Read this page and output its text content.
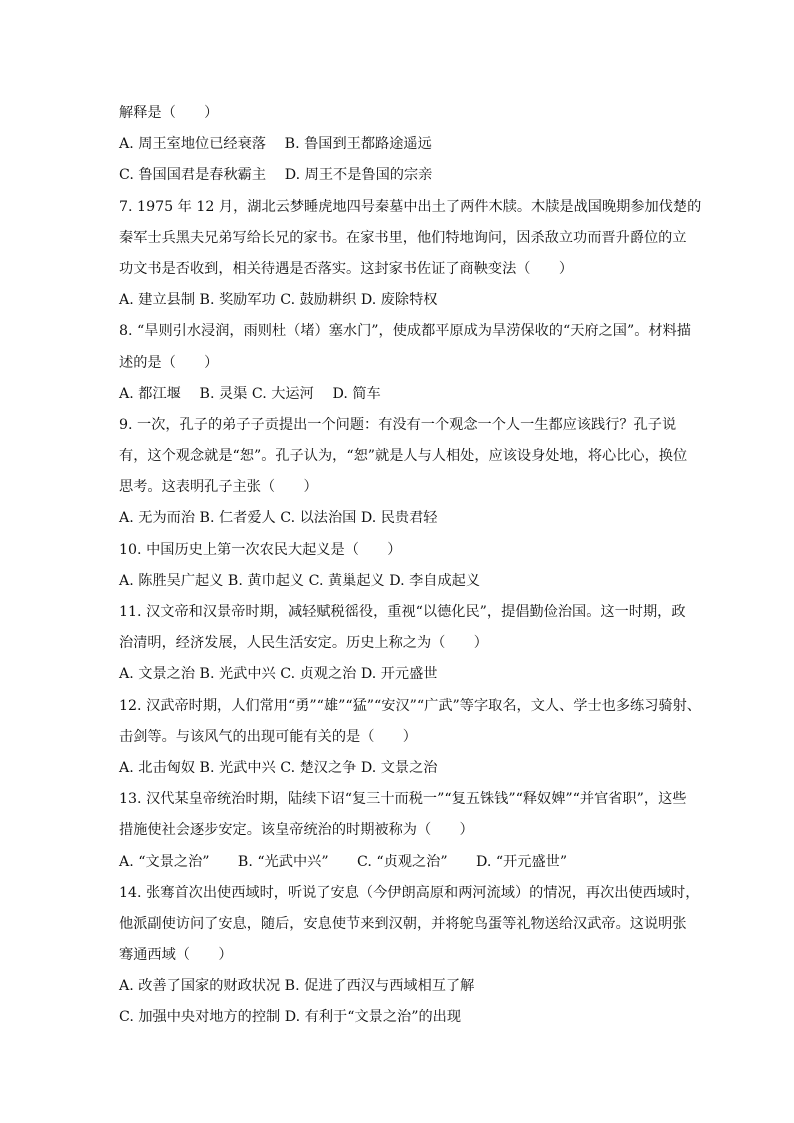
解释是（　　）
A. 周王室地位已经衰落　 B. 鲁国到王都路途遥远
C. 鲁国国君是春秋霸主　 D. 周王不是鲁国的宗亲
7. 1975 年 12 月，湖北云梦睡虎地四号秦墓中出土了两件木牍。木牍是战国晚期参加伐楚的
秦军士兵黑夫兄弟写给长兄的家书。在家书里，他们特地询问，因杀敌立功而晋升爵位的立
功文书是否收到，相关待遇是否落实。这封家书佐证了商鞅变法（　　）
A. 建立县制 B. 奖励军功 C. 鼓励耕织 D. 废除特权
8. “旱则引水浸润，雨则杜（堵）塞水门”，使成都平原成为旱涝保收的“天府之国”。材料描
述的是（　　）
A. 都江堰　 B. 灵渠 C. 大运河　 D. 简车
9. 一次，孔子的弟子子贡提出一个问题：有没有一个观念一个人一生都应该践行？孔子说
有，这个观念就是“恕”。孔子认为，“恕”就是人与人相处，应该设身处地，将心比心，换位
思考。这表明孔子主张（　　）
A. 无为而治 B. 仁者爱人 C. 以法治国 D. 民贵君轻
10. 中国历史上第一次农民大起义是（　　）
A. 陈胜吴广起义 B. 黄巾起义 C. 黄巢起义 D. 李自成起义
11. 汉文帝和汉景帝时期，减轻赋税徭役，重视“以德化民”，提倡勤俭治国。这一时期，政
治清明，经济发展，人民生活安定。历史上称之为（　　）
A. 文景之治 B. 光武中兴 C. 贞观之治 D. 开元盛世
12. 汉武帝时期，人们常用“勇”“雄”“猛”“安汉”“广武”等字取名，文人、学士也多练习骑射、
击剑等。与该风气的出现可能有关的是（　　）
A. 北击匈奴 B. 光武中兴 C. 楚汉之争 D. 文景之治
13. 汉代某皇帝统治时期，陆续下诏“复三十而税一”“复五铢钱”“释奴婢”“并官省职”，这些
措施使社会逐步安定。该皇帝统治的时期被称为（　　）
A. “文景之治”　　B. “光武中兴”　　C. “贞观之治”　　D. “开元盛世”
14. 张骞首次出使西域时，听说了安息（今伊朗高原和两河流域）的情况，再次出使西域时，
他派副使访问了安息，随后，安息使节来到汉朝，并将鸵鸟蛋等礼物送给汉武帝。这说明张
骞通西域（　　）
A. 改善了国家的财政状况 B. 促进了西汉与西域相互了解
C. 加强中央对地方的控制 D. 有利于“文景之治”的出现
